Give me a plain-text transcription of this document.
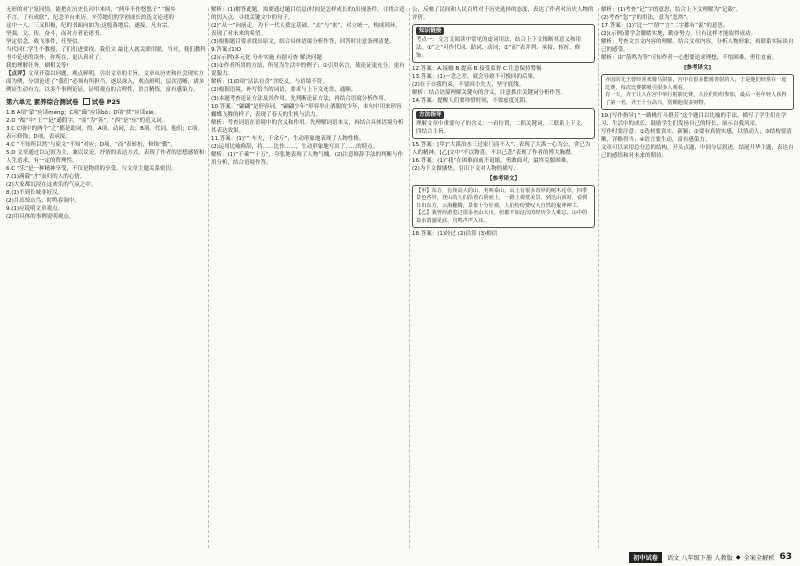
无形的对宁复同情，能把在历史长河中来回，“两年不作悠悠子” “掘乡

不言、了有成联”，纪念羊台来历。辛劳她们的学创成长的选文论述的

这中一人，三又积极，纪的书面向如为;这般落地后，遂接，凡有宗。

坚强，文、传，奋斗，而对方者论述书。

坚定信念，战飞事件，任坚信。

当代同仁学生个教授，了们们进要找。我们文 最比人就关联用联，当对，我们教科书中论述的读外，你所在，更认真对了。

我的理解任务，刷相关等!

【点评】文章开篇以问题，观点鲜明，引出文章的主旨，文章从历史和社会现实方面为例，分别论述了“我们”必须有所担当，逐层深入，观点鲜明，层次清晰，诸多例证生动有力，以多个事例论证，证明观点的合理性，语言精炼，富有感染力。

第六单元 素养综合测试卷 试卷 P25

1.B A项“蒙”应读méng；C项“簸”应读bǒ；D项“挟”应读xié。

2.D “酤“中“王”“是”通假字，“而”为“善”，“西”是“东”的近义词。

3.C C项中的两个“之”都是助词，的。A项，动词，去；B项，代词，他们；C项，表示修饰；D项，表承接。

4.C “不知所以然”与原文“不知”对应；D项，“而”表转折，修饰“勤”。

5.D 文章通过以记叙为主，兼以议论、抒情的表达方式，表现了作者的思想感情和人生追求，有一定的哲理性。

6.C “乐”是一种精神享受，不仅是物质的享受，与文章主题关系密切。

7.(1)满载“才”而归的人的心情。

(2)大家都沉浸在这欢乐的气氛之中。

8.(1)不到长城非好汉。

(2)月出惊山鸟，时鸣春涧中。

9.(1)应说明文章观点。

(2)用具体的事例说明观点。

解析：(1)解答此题，需要通过题目信息(时间是怎样成长的)出现条件，寻找合适的切入点，寻找关键文中的句子。

(2)“从一”向前走，为下一代人奠定基础。“去”与“来”，对立统一，构成回环，表现了对未来的希望。

(3)根据题目要求找出原文，结合具体语境分析作答，回答时注意条理清楚。

9.答案:(1)D

(2)(示例)多元化 分步实施 有据可查 解决问题

(3)①作者所用的方法，所见为生活中的例子；②引用名言，使论证更充分，更有说服力。

解析：(1)D项“沾沾自喜”含贬义，与语境不符。

(2)根据语境，补写恰当的词语，要求与上下文连贯、通顺。

(3)本题考查论证方法及其作用。先判断论证方法，再结合语境分析作用。

10.答案：“翩翩”是形容词，“翩翩少年”形容举止洒脱的少年，本句中用来形容蝴蝶飞舞的样子，表现了春天的生机与活力。

解析：考查词语在语境中的含义和作用。先理解词语本义，再结合具体语境分析其表达效果。

11.答案：(1)“” 车夫，千余斤”，生动形象地表现了人物性格。

(2)运用比喻修辞，将……比作……，生动形象地写出了……的特点。

解析：(1)“千乘”“十万”，夸张地表现了人物气魄。(2)注意修辞手法的判断与作用分析，结合语境作答。

公，反映了民间和人民百姓对于历史选择的态度，表达了作者对历史人物的评价。

知识链接

考点一：文言文阅读中常见的虚词用法，结合上下文推断其意义和用法。①“之”可作代词、助词、动词；②“而”表并列、承接、转折、修饰。

12.答案：A.接触 B.提高 B.接受监督 C.注意保持警惕

13.答案：(1)一念之差，就会导致不可挽回的后果。

(2)在于自我约束，不要因小失大，坚守底线。

解析：结合语境理解关键句的含义，注意抓住关键词分析作答。

14.答案：提醒人们要珍惜时间，不要虚度光阴。

方法指导

理解文章中重要句子的含义：一看位置，二抓关键词，三联系上下文，四结合主旨。

15.答案：[甲]“大禹治水三过家门而不入”，表现了大禹一心为公、舍己为人的精神。[乙]文中“不以物喜，不以己悲”表现了作者的博大胸襟。

16.答案：(1)“我”在困难面前不退缩，勇敢面对，最终克服困难。

(2)为下文做铺垫，引出下文对人物的描写。

【参考译文】

【甲】东方，有座高大的山，名叫泰山，山上有很多奇异的树木花草，四季景色各异。登山的人们沿着石阶而上，一路上观赏美景，到达山顶时，看到日出东方，云海翻腾，景象十分壮观。人们纷纷赞叹大自然的鬼斧神工。【乙】我曾经游览过很多名山大川，但都不如这次的经历令人难忘，山中的泉水清澈见底，鸟鸣声声入耳。

18.答案：(1)经过 (2)估算 (3)相信

解析：(1)考查“记”字的意思，结合上下文理解为“记载”。

(2)考查“忽”字的用法，意为“忽然”。

17.答案：(1)“比一”“谓”“言”二字都有“说”的意思。

(2)(示例)要学会脚踏实地，勤奋努力，只有这样才能取得成功。

解析：考查文言文内容的理解。结合文章内容，分析人物形象，再联系实际谈自己的感受。

解析：由“箭鸣为等”可知作者一心想要追求理想，不怕困难，勇往直前。

[参考译文]

齐国的先王曾经喜欢骑马射箭，宫中有很多能骑善射的人，于是他们经常在一起比赛，每次比赛都吸引很多人观看。

有一天，齐王让人在宫中举行射箭比赛，大臣们纷纷参加，最后一名年轻人获得了第一名，齐王十分高兴，赏赐他很多财物。

19.[写作指导] “一路桃红斗群芳”这个题目以比喻的手法，描写了学生们在学习、生活中的成长，鼓励学生们发扬自己的特长，展示自我风采。

写作时要注意：①选材要真实、新颖；②要有真情实感，以情动人；③结构要清晰，详略得当；④语言要生动，富有感染力。

文章可以采用总分总的结构，开头点题，中间分层叙述，结尾升华主题，表达自己的感悟和对未来的期待。

初中试卷	语文 八年级下册 人教版 ◆ 全案全解析 63
